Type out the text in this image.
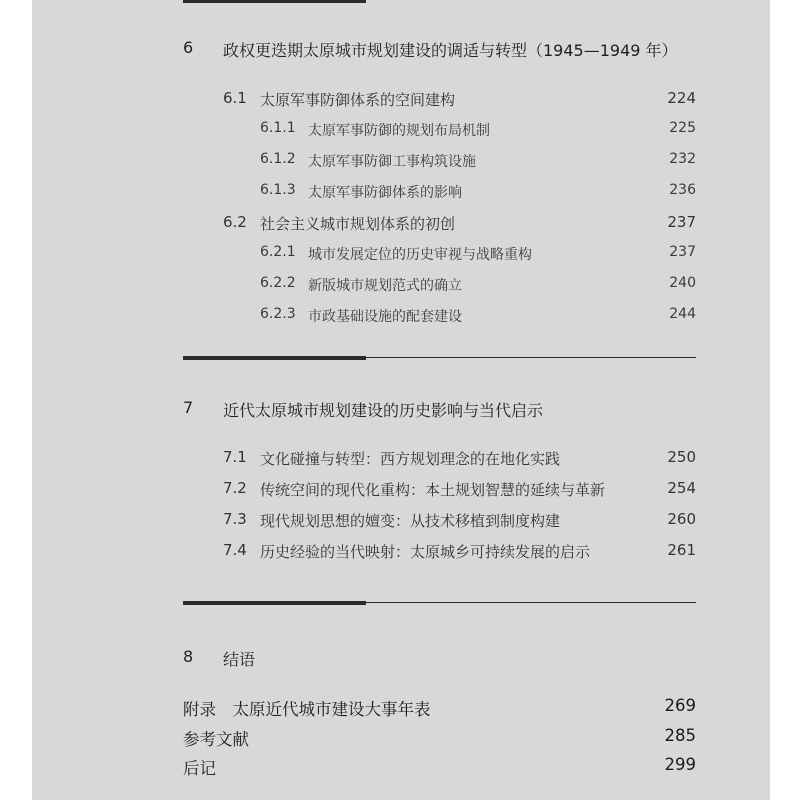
6 政权更迭期太原城市规划建设的调适与转型（1945—1949 年）
6.1 太原军事防御体系的空间建构	224
6.1.1 太原军事防御的规划布局机制	225
6.1.2 太原军事防御工事构筑设施	232
6.1.3 太原军事防御体系的影响	236
6.2 社会主义城市规划体系的初创	237
6.2.1 城市发展定位的历史审视与战略重构	237
6.2.2 新版城市规划范式的确立	240
6.2.3 市政基础设施的配套建设	244
7 近代太原城市规划建设的历史影响与当代启示
7.1 文化碰撞与转型：西方规划理念的在地化实践	250
7.2 传统空间的现代化重构：本土规划智慧的延续与革新	254
7.3 现代规划思想的嬗变：从技术移植到制度构建	260
7.4 历史经验的当代映射：太原城乡可持续发展的启示	261
8 结语
附录　太原近代城市建设大事年表	269
参考文献	285
后记	299
